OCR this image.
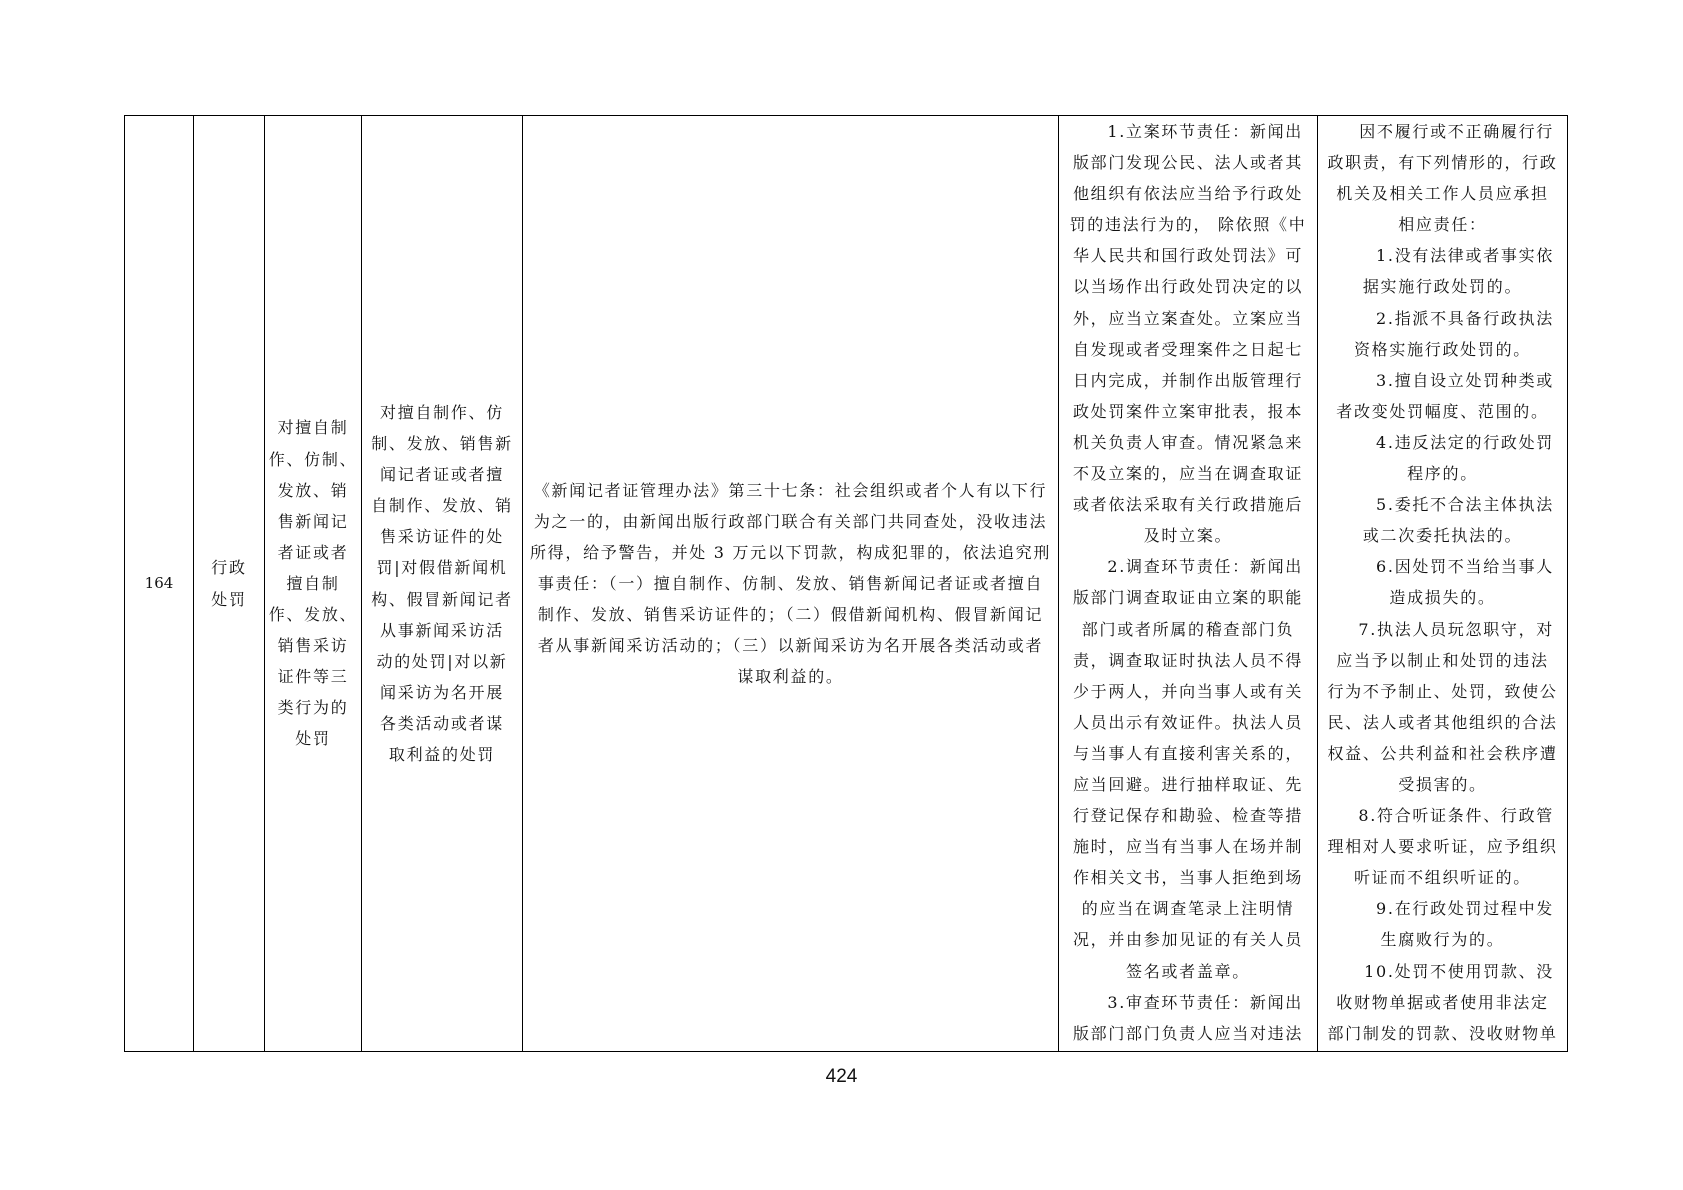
164
行政
处罚
对擅自制
作、仿制、
发放、销
售新闻记
者证或者
擅自制
作、发放、
销售采访
证件等三
类行为的
处罚
对擅自制作、仿
制、发放、销售新
闻记者证或者擅
自制作、发放、销
售采访证件的处
罚|对假借新闻机
构、假冒新闻记者
从事新闻采访活
动的处罚|对以新
闻采访为名开展
各类活动或者谋
取利益的处罚
《新闻记者证管理办法》第三十七条：社会组织或者个人有以下行
为之一的，由新闻出版行政部门联合有关部门共同查处，没收违法
所得，给予警告，并处 3 万元以下罚款，构成犯罪的，依法追究刑
事责任：（一）擅自制作、仿制、发放、销售新闻记者证或者擅自
制作、发放、销售采访证件的；（二）假借新闻机构、假冒新闻记
者从事新闻采访活动的；（三）以新闻采访为名开展各类活动或者
谋取利益的。
1.立案环节责任：新闻出
版部门发现公民、法人或者其
他组织有依法应当给予行政处
罚的违法行为的， 除依照《中
华人民共和国行政处罚法》可
以当场作出行政处罚决定的以
外，应当立案查处。立案应当
自发现或者受理案件之日起七
日内完成，并制作出版管理行
政处罚案件立案审批表，报本
机关负责人审查。情况紧急来
不及立案的，应当在调查取证
或者依法采取有关行政措施后
及时立案。
2.调查环节责任：新闻出
版部门调查取证由立案的职能
部门或者所属的稽查部门负
责，调查取证时执法人员不得
少于两人，并向当事人或有关
人员出示有效证件。执法人员
与当事人有直接利害关系的，
应当回避。进行抽样取证、先
行登记保存和勘验、检查等措
施时，应当有当事人在场并制
作相关文书，当事人拒绝到场
的应当在调查笔录上注明情
况，并由参加见证的有关人员
签名或者盖章。
3.审查环节责任：新闻出
版部门部门负责人应当对违法
因不履行或不正确履行行
政职责，有下列情形的，行政
机关及相关工作人员应承担
相应责任：
1.没有法律或者事实依
据实施行政处罚的。
2.指派不具备行政执法
资格实施行政处罚的。
3.擅自设立处罚种类或
者改变处罚幅度、范围的。
4.违反法定的行政处罚
程序的。
5.委托不合法主体执法
或二次委托执法的。
6.因处罚不当给当事人
造成损失的。
7.执法人员玩忽职守，对
应当予以制止和处罚的违法
行为不予制止、处罚，致使公
民、法人或者其他组织的合法
权益、公共利益和社会秩序遭
受损害的。
8.符合听证条件、行政管
理相对人要求听证，应予组织
听证而不组织听证的。
9.在行政处罚过程中发
生腐败行为的。
10.处罚不使用罚款、没
收财物单据或者使用非法定
部门制发的罚款、没收财物单
424
